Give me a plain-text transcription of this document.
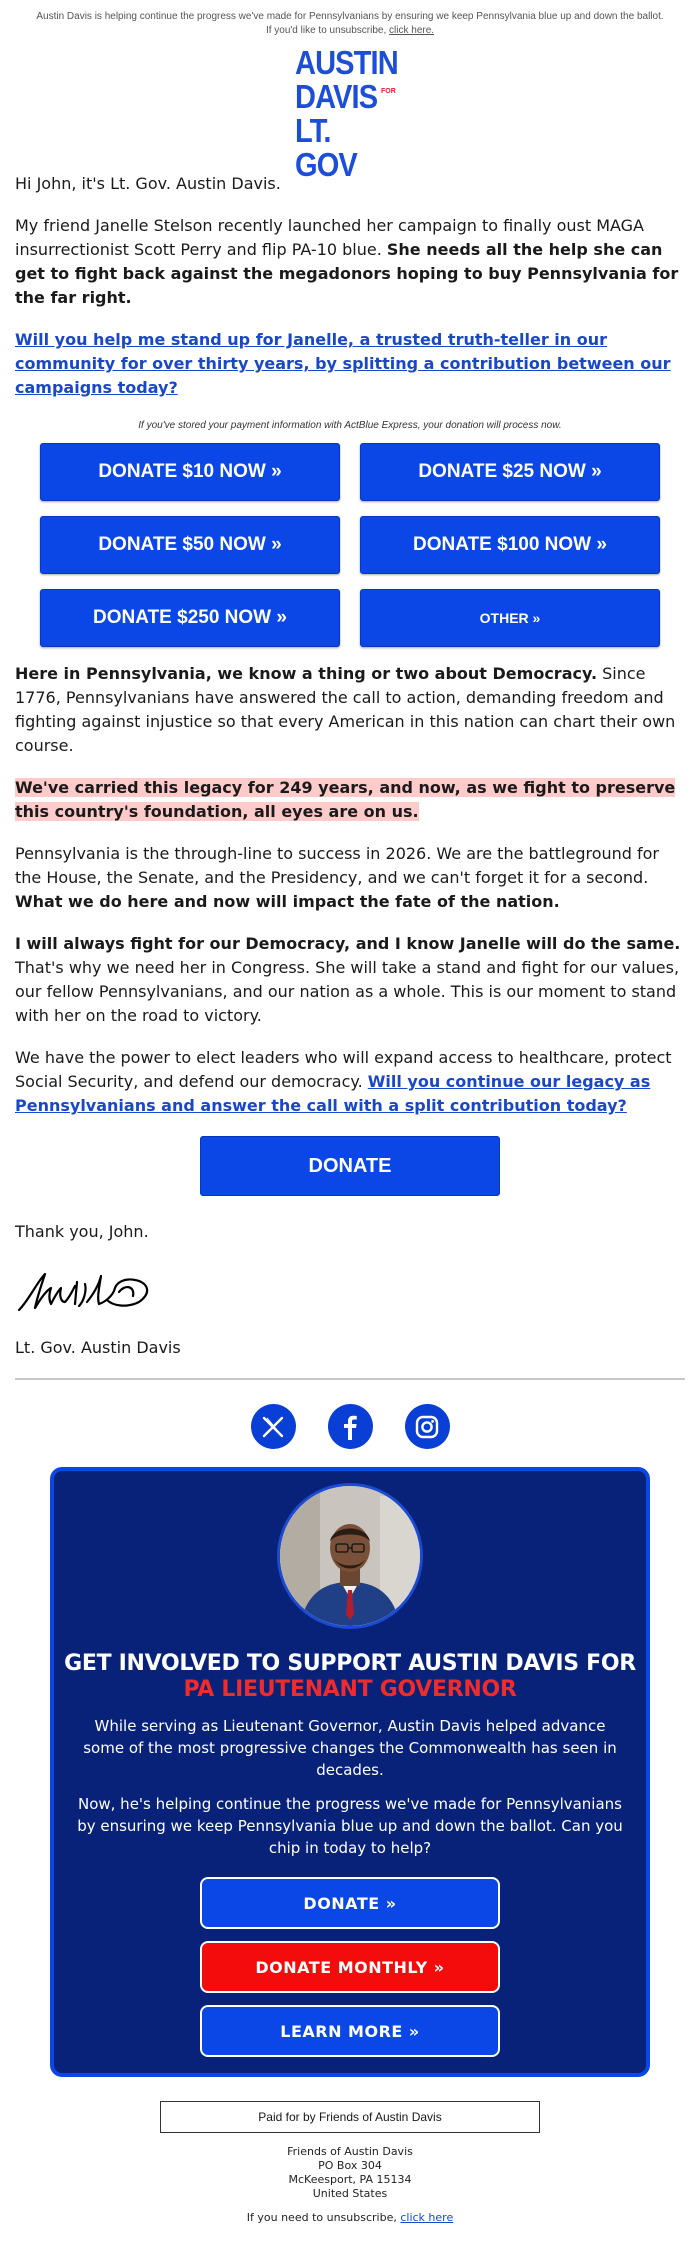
Austin Davis is helping continue the progress we've made for Pennsylvanians by ensuring we keep Pennsylvania blue up and down the ballot.
If you'd like to unsubscribe, click here.
AUSTIN
DAVIS FOR
LT. GOV

Hi John, it's Lt. Gov. Austin Davis.

My friend Janelle Stelson recently launched her campaign to finally oust MAGA insurrectionist Scott Perry and flip PA-10 blue. She needs all the help she can get to fight back against the megadonors hoping to buy Pennsylvania for the far right.

Will you help me stand up for Janelle, a trusted truth-teller in our community for over thirty years, by splitting a contribution between our campaigns today?

If you've stored your payment information with ActBlue Express, your donation will process now.
DONATE $10 NOW »	DONATE $25 NOW »
DONATE $50 NOW »	DONATE $100 NOW »
DONATE $250 NOW »	OTHER »

Here in Pennsylvania, we know a thing or two about Democracy. Since 1776, Pennsylvanians have answered the call to action, demanding freedom and fighting against injustice so that every American in this nation can chart their own course.

We've carried this legacy for 249 years, and now, as we fight to preserve this country's foundation, all eyes are on us.

Pennsylvania is the through-line to success in 2026. We are the battleground for the House, the Senate, and the Presidency, and we can't forget it for a second. What we do here and now will impact the fate of the nation.

I will always fight for our Democracy, and I know Janelle will do the same. That's why we need her in Congress. She will take a stand and fight for our values, our fellow Pennsylvanians, and our nation as a whole. This is our moment to stand with her on the road to victory.

We have the power to elect leaders who will expand access to healthcare, protect Social Security, and defend our democracy. Will you continue our legacy as Pennsylvanians and answer the call with a split contribution today?

DONATE

Thank you, John.

Lt. Gov. Austin Davis

GET INVOLVED TO SUPPORT AUSTIN DAVIS FOR
PA LIEUTENANT GOVERNOR

While serving as Lieutenant Governor, Austin Davis helped advance some of the most progressive changes the Commonwealth has seen in decades.

Now, he's helping continue the progress we've made for Pennsylvanians by ensuring we keep Pennsylvania blue up and down the ballot. Can you chip in today to help?

DONATE »
DONATE MONTHLY »
LEARN MORE »
Paid for by Friends of Austin Davis
Friends of Austin Davis
PO Box 304
McKeesport, PA 15134
United States
If you need to unsubscribe, click here
